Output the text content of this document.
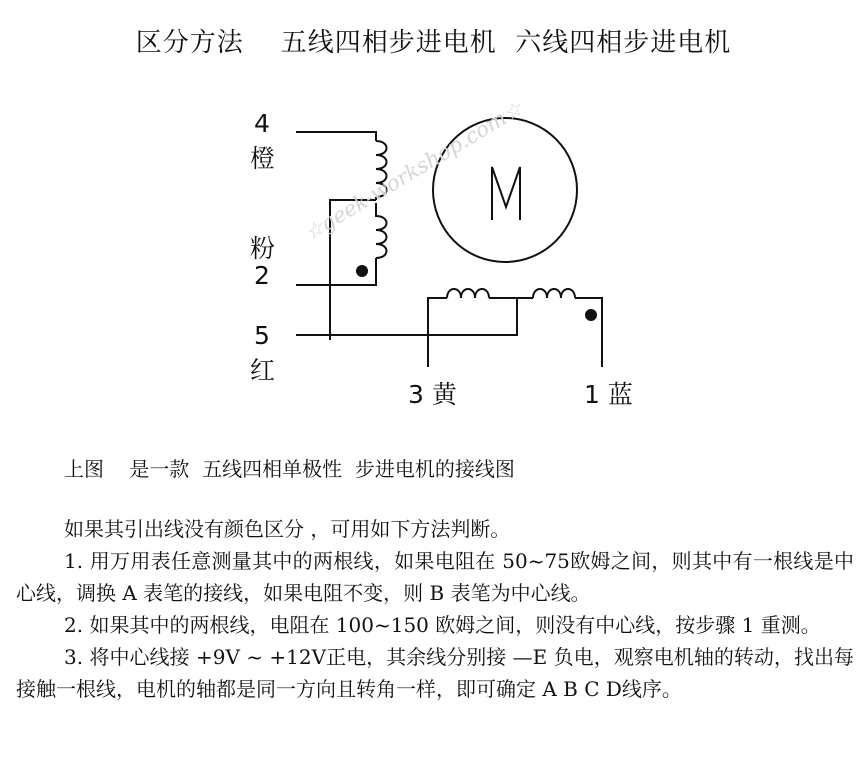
区分方法    五线四相步进电机  六线四相步进电机
4
橙
粉
2
5
红
3 黄	1 蓝
☆geek-workshop.com☆
上图    是一款  五线四相单极性  步进电机的接线图

如果其引出线没有颜色区分 ，可用如下方法判断。

1. 用万用表任意测量其中的两根线，如果电阻在 50~75欧姆之间，则其中有一根线是中心线，调换 A 表笔的接线，如果电阻不变，则 B 表笔为中心线。

2. 如果其中的两根线，电阻在 100~150 欧姆之间，则没有中心线，按步骤 1 重测。

3. 将中心线接 +9V ~ +12V正电，其余线分别接 —E 负电，观察电机轴的转动，找出每接触一根线，电机的轴都是同一方向且转角一样，即可确定 A B C D线序。
